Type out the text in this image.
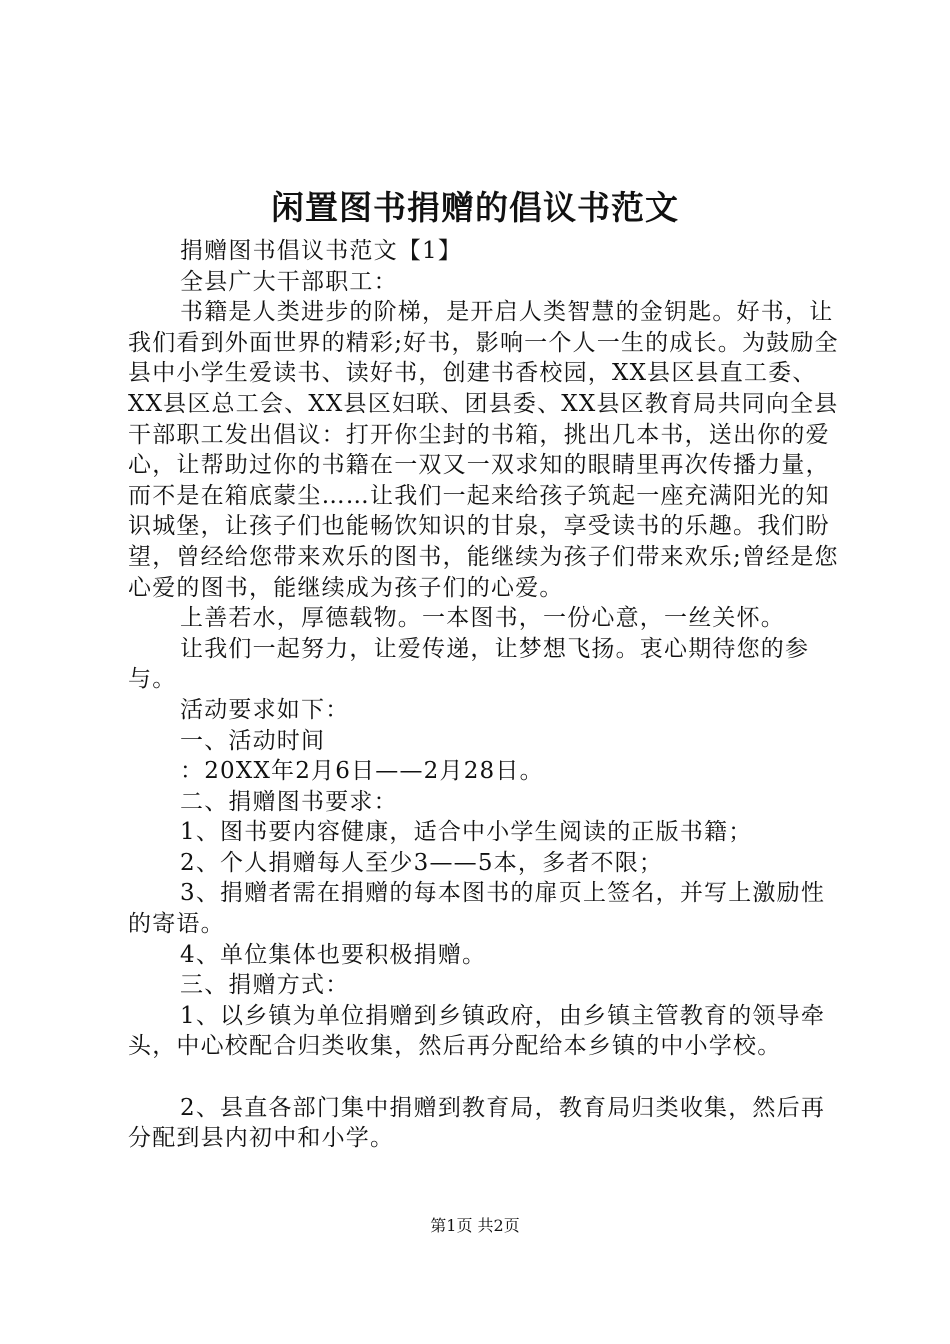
闲置图书捐赠的倡议书范文

捐赠图书倡议书范文【1】

全县广大干部职工：

书籍是人类进步的阶梯，是开启人类智慧的金钥匙。好书，让我们看到外面世界的精彩;好书，影响一个人一生的成长。为鼓励全县中小学生爱读书、读好书，创建书香校园，XX县区县直工委、XX县区总工会、XX县区妇联、团县委、XX县区教育局共同向全县干部职工发出倡议：打开你尘封的书箱，挑出几本书，送出你的爱心，让帮助过你的书籍在一双又一双求知的眼睛里再次传播力量，而不是在箱底蒙尘……让我们一起来给孩子筑起一座充满阳光的知识城堡，让孩子们也能畅饮知识的甘泉，享受读书的乐趣。我们盼望，曾经给您带来欢乐的图书，能继续为孩子们带来欢乐;曾经是您心爱的图书，能继续成为孩子们的心爱。

上善若水，厚德载物。一本图书，一份心意，一丝关怀。

让我们一起努力，让爱传递，让梦想飞扬。衷心期待您的参与。

活动要求如下：

一、活动时间

：20XX年2月6日——2月28日。

二、捐赠图书要求：

1、图书要内容健康，适合中小学生阅读的正版书籍；

2、个人捐赠每人至少3——5本，多者不限；

3、捐赠者需在捐赠的每本图书的扉页上签名，并写上激励性的寄语。

4、单位集体也要积极捐赠。

三、捐赠方式：

1、以乡镇为单位捐赠到乡镇政府，由乡镇主管教育的领导牵头，中心校配合归类收集，然后再分配给本乡镇的中小学校。

2、县直各部门集中捐赠到教育局，教育局归类收集，然后再分配到县内初中和小学。

第1页 共2页
